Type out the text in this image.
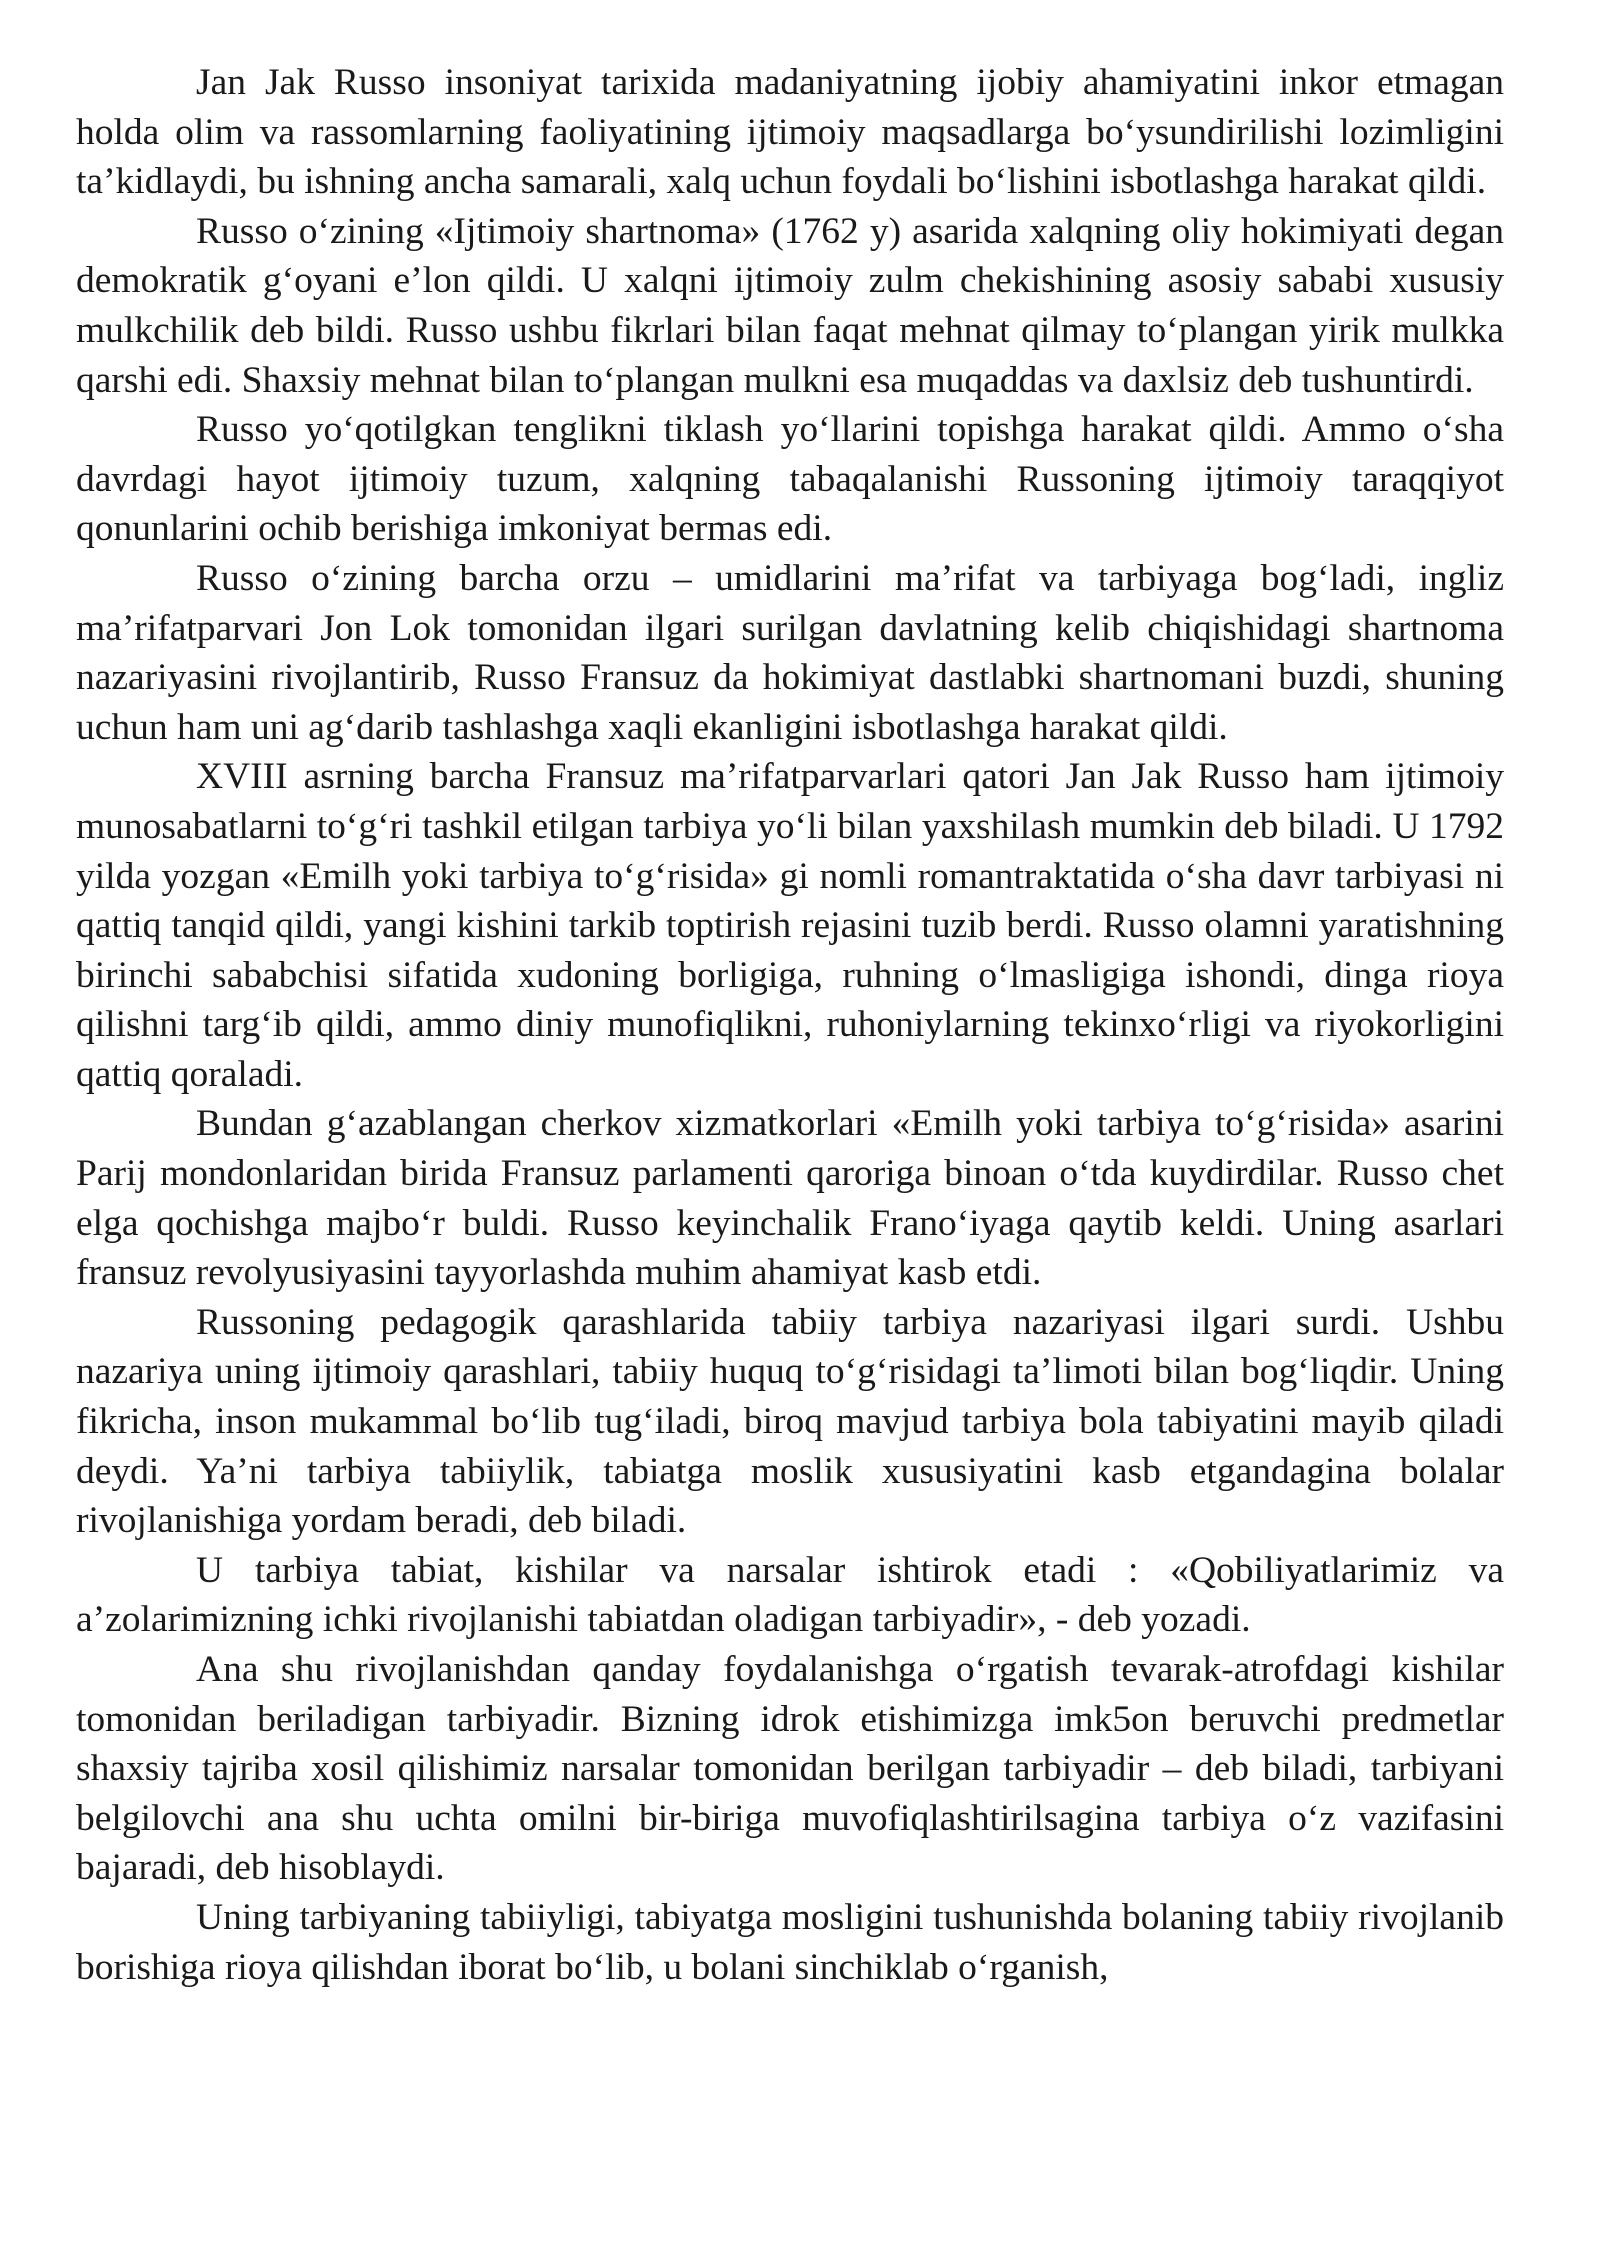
Jan Jak Russo insoniyat tarixida madaniyatning ijobiy ahamiyatini inkor etmagan holda olim va rassomlarning faoliyatining ijtimoiy maqsadlarga bo‘ysundirilishi lozimligini ta’kidlaydi, bu ishning ancha samarali, xalq uchun foydali bo‘lishini isbotlashga harakat qildi.

Russo o‘zining «Ijtimoiy shartnoma» (1762 y) asarida xalqning oliy hokimiyati degan demokratik g‘oyani e’lon qildi. U xalqni ijtimoiy zulm chekishining asosiy sababi xususiy mulkchilik deb bildi. Russo ushbu fikrlari bilan faqat mehnat qilmay to‘plangan yirik mulkka qarshi edi. Shaxsiy mehnat bilan to‘plangan mulkni esa muqaddas va daxlsiz deb tushuntirdi.

Russo yo‘qotilgkan tenglikni tiklash yo‘llarini topishga harakat qildi. Ammo o‘sha davrdagi hayot ijtimoiy tuzum, xalqning tabaqalanishi Russoning ijtimoiy taraqqiyot qonunlarini ochib berishiga imkoniyat bermas edi.

Russo o‘zining barcha orzu – umidlarini ma’rifat va tarbiyaga bog‘ladi, ingliz ma’rifatparvari Jon Lok tomonidan ilgari surilgan davlatning kelib chiqishidagi shartnoma nazariyasini rivojlantirib, Russo Fransuz da hokimiyat dastlabki shartnomani buzdi, shuning uchun ham uni ag‘darib tashlashga xaqli ekanligini isbotlashga harakat qildi.

XVIII asrning barcha Fransuz ma’rifatparvarlari qatori Jan Jak Russo ham ijtimoiy munosabatlarni to‘g‘ri tashkil etilgan tarbiya yo‘li bilan yaxshilash mumkin deb biladi. U 1792 yilda yozgan «Emilh yoki tarbiya to‘g‘risida» gi nomli romantraktatida o‘sha davr tarbiyasi ni qattiq tanqid qildi, yangi kishini tarkib toptirish rejasini tuzib berdi. Russo olamni yaratishning birinchi sababchisi sifatida xudoning borligiga, ruhning o‘lmasligiga ishondi, dinga rioya qilishni targ‘ib qildi, ammo diniy munofiqlikni, ruhoniylarning tekinxo‘rligi va riyokorligini qattiq qoraladi.

Bundan g‘azablangan cherkov xizmatkorlari «Emilh yoki tarbiya to‘g‘risida» asarini Parij mondonlaridan birida Fransuz parlamenti qaroriga binoan o‘tda kuydirdilar. Russo chet elga qochishga majbo‘r buldi. Russo keyinchalik Frano‘iyaga qaytib keldi. Uning asarlari fransuz revolyusiyasini tayyorlashda muhim ahamiyat kasb etdi.

Russoning pedagogik qarashlarida tabiiy tarbiya nazariyasi ilgari surdi. Ushbu nazariya uning ijtimoiy qarashlari, tabiiy huquq to‘g‘risidagi ta’limoti bilan bog‘liqdir. Uning fikricha, inson mukammal bo‘lib tug‘iladi, biroq mavjud tarbiya bola tabiyatini mayib qiladi deydi. Ya’ni tarbiya tabiiylik, tabiatga moslik xususiyatini kasb etgandagina bolalar rivojlanishiga yordam beradi, deb biladi.

U tarbiya tabiat, kishilar va narsalar ishtirok etadi : «Qobiliyatlarimiz va a’zolarimizning ichki rivojlanishi tabiatdan oladigan tarbiyadir», - deb yozadi.

Ana shu rivojlanishdan qanday foydalanishga o‘rgatish tevarak-atrofdagi kishilar tomonidan beriladigan tarbiyadir. Bizning idrok etishimizga imk5on beruvchi predmetlar shaxsiy tajriba xosil qilishimiz narsalar tomonidan berilgan tarbiyadir – deb biladi, tarbiyani belgilovchi ana shu uchta omilni bir-biriga muvofiqlashtirilsagina tarbiya o‘z vazifasini bajaradi, deb hisoblaydi.

Uning tarbiyaning tabiiyligi, tabiyatga mosligini tushunishda bolaning tabiiy rivojlanib borishiga rioya qilishdan iborat bo‘lib, u bolani sinchiklab o‘rganish,
